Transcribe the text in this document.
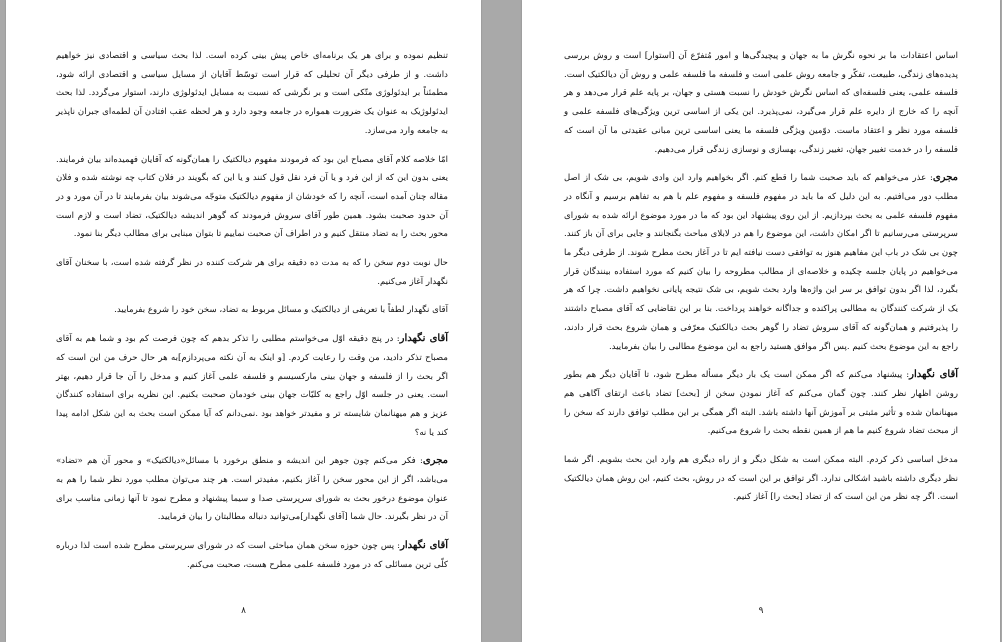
تنظیم نموده و برای هر یک برنامه‌ای خاص پیش بینی کرده است. لذا بحث سیاسی و اقتصادی نیز خواهیم داشت. و از طرفی دیگر آن تحلیلی که قرار است توسّط آقایان از مسایل سیاسی و اقتصادی ارائه شود، مطمئناً بر ایدئولوژی متّکی است و بر نگرشی که نسبت به مسایل ایدئولوژی دارند، استوار می‌گردد. لذا بحث ایدئولوژیک به عنوان یک ضرورت همواره در جامعه وجود دارد و هر لحظه عقب افتادن آن لطمه‌ای جبران ناپذیر به جامعه وارد می‌سازد.

امّا خلاصه کلام آقای مصباح این بود که فرمودند مفهوم دیالکتیک را همان‌گونه که آقایان فهمیده‌اند بیان فرمایند. یعنی بدون این که از این فرد و یا آن فرد نقل قول کنند و یا این که بگویند در فلان کتاب چه نوشته شده و فلان مقاله چنان آمده است، آنچه را که خودشان از مفهوم دیالکتیک متوجّه می‌شوند بیان بفرمایند تا در آن مورد و در آن حدود صحبت بشود. همین طور آقای سروش فرمودند که گوهر اندیشه دیالکتیک، تضاد است و لازم است محور بحث را به تضاد منتقل کنیم و در اطراف آن صحبت نماییم تا بتوان مبنایی برای مطالب دیگر بنا نمود.

حال نوبت دوم سخن را که به مدت ده دقیقه برای هر شرکت کننده در نظر گرفته شده است، با سخنان آقای نگهدار آغاز می‌کنیم.

آقای نگهدار لطفاً با تعریفی از دیالکتیک و مسائل مربوط به تضاد، سخن خود را شروع بفرمایید.

آقای نگهدار: در پنج دقیقه اوّل می‌خواستم مطلبی را تذکر بدهم که چون فرصت کم بود و شما هم به آقای مصباح تذکر دادید، من وقت را رعایت کردم. [و اینک به آن نکته می‌پردازم]به هر حال حرف من این است که اگر بحث را از فلسفه و جهان بینی مارکسیسم و فلسفه علمی آغاز کنیم و مدخل را آن جا قرار دهیم، بهتر است. یعنی در جلسه اوّل راجع به کلیّات جهان بینی خودمان صحبت بکنیم. این نظریه برای استفاده کنندگان عزیز و هم میهنانمان شایسته تر و مفیدتر خواهد بود .نمی‌دانم که آیا ممکن است بحث به این شکل ادامه پیدا کند یا نه؟

مجری: فکر می‌کنم چون جوهر این اندیشه و منطق برخورد با مسائل«دیالکتیک» و محور آن هم «تضاد» می‌باشد، اگر از این محور سخن را آغاز بکنیم، مفیدتر است. هر چند می‌توان مطلب مورد نظر شما را هم به عنوان موضوع درخور بحث به شورای سرپرستی صدا و سیما پیشنهاد و مطرح نمود تا آنها زمانی مناسب برای آن در نظر بگیرند. حال شما [آقای نگهدار]می‌توانید دنباله مطالبتان را بیان فرمایید.

آقای نگهدار: پس چون حوزه سخن همان مباحثی است که در شورای سرپرستی مطرح شده است لذا درباره کلّی ترین مسائلی که در مورد فلسفه علمی مطرح هست، صحبت می‌کنم.

۸

اساس اعتقادات ما بر نحوه نگرش ما به جهان و پیچیدگی‌ها و امور مُتفرّع آن [استوار] است و روش بررسی پدیده‌های زندگی، طبیعت، تفکّر و جامعه روش علمی است و فلسفه ما فلسفه علمی و روش آن دیالکتیک است. فلسفه علمی، یعنی فلسفه‌ای که اساس نگرش خودش را نسبت هستی و جهان، بر پایه علم قرار می‌دهد و هر آنچه را که خارج از دایره علم قرار می‌گیرد، نمی‌پذیرد. این یکی از اساسی ترین ویژگی‌های فلسفه علمی و فلسفه مورد نظر و اعتقاد ماست. دوّمین ویژگی فلسفه ما یعنی اساسی ترین مبانی عقیدتی ما آن است که فلسفه را در خدمت تغییر جهان، تغییر زندگی، بهسازی و نوسازی زندگی قرار می‌دهیم.

مجری: عذر می‌خواهم که باید صحبت شما را قطع کنم. اگر بخواهیم وارد این وادی شویم، بی شک از اصل مطلب دور می‌افتیم. به این دلیل که ما باید در مفهوم فلسفه و مفهوم علم با هم به تفاهم برسیم و آنگاه در مفهوم فلسفه علمی به بحث بپردازیم. از این روی پیشنهاد این بود که ما در مورد موضوع ارائه شده به شورای سرپرستی می‌رسانیم تا اگر امکان داشت، این موضوع را هم در لابلای مباحث بگنجانند و جایی برای آن باز کنند. چون بی شک در باب این مفاهیم هنوز به توافقی دست نیافته ایم تا در آغاز بحث مطرح شوند. از طرفی دیگر ما می‌خواهیم در پایان جلسه چکیده و خلاصه‌ای از مطالب مطروحه را بیان کنیم که مورد استفاده بینندگان قرار بگیرد، لذا اگر بدون توافق بر سر این واژه‌ها وارد بحث شویم، بی شک نتیجه پایانی نخواهیم داشت. چرا که هر یک از شرکت کنندگان به مطالبی پراکنده و جداگانه خواهند پرداخت. بنا بر این تقاضایی که آقای مصباح داشتند را پذیرفتیم و همان‌گونه که آقای سروش تضاد را گوهر بحث دیالکتیک معرّفی و همان شروع بحث قرار دادند، راجع به این موضوع بحث کنیم .پس اگر موافق هستید راجع به این موضوع مطالبی را بیان بفرمایید.

آقای نگهدار: پیشنهاد می‌کنم که اگر ممکن است یک بار دیگر مسأله مطرح شود، تا آقایان دیگر هم بطور روشن اظهار نظر کنند. چون گمان می‌کنم که آغاز نمودن سخن از [بحث] تضاد باعث ارتقای آگاهی هم میهنانمان شده و تأثیر مثبتی بر آموزش آنها داشته باشد. البته اگر همگی بر این مطلب توافق دارند که سخن را از مبحث تضاد شروع کنیم ما هم از همین نقطه بحث را شروع می‌کنیم.

مدخل اساسی ذکر کردم. البته ممکن است به شکل دیگر و از راه دیگری هم وارد این بحث بشویم. اگر شما نظر دیگری داشته باشید اشکالی ندارد. اگر توافق بر این است که در روش، بحث کنیم، این روش همان دیالکتیک است. اگر چه نظر من این است که از تضاد [بحث را] آغاز کنیم.

۹
